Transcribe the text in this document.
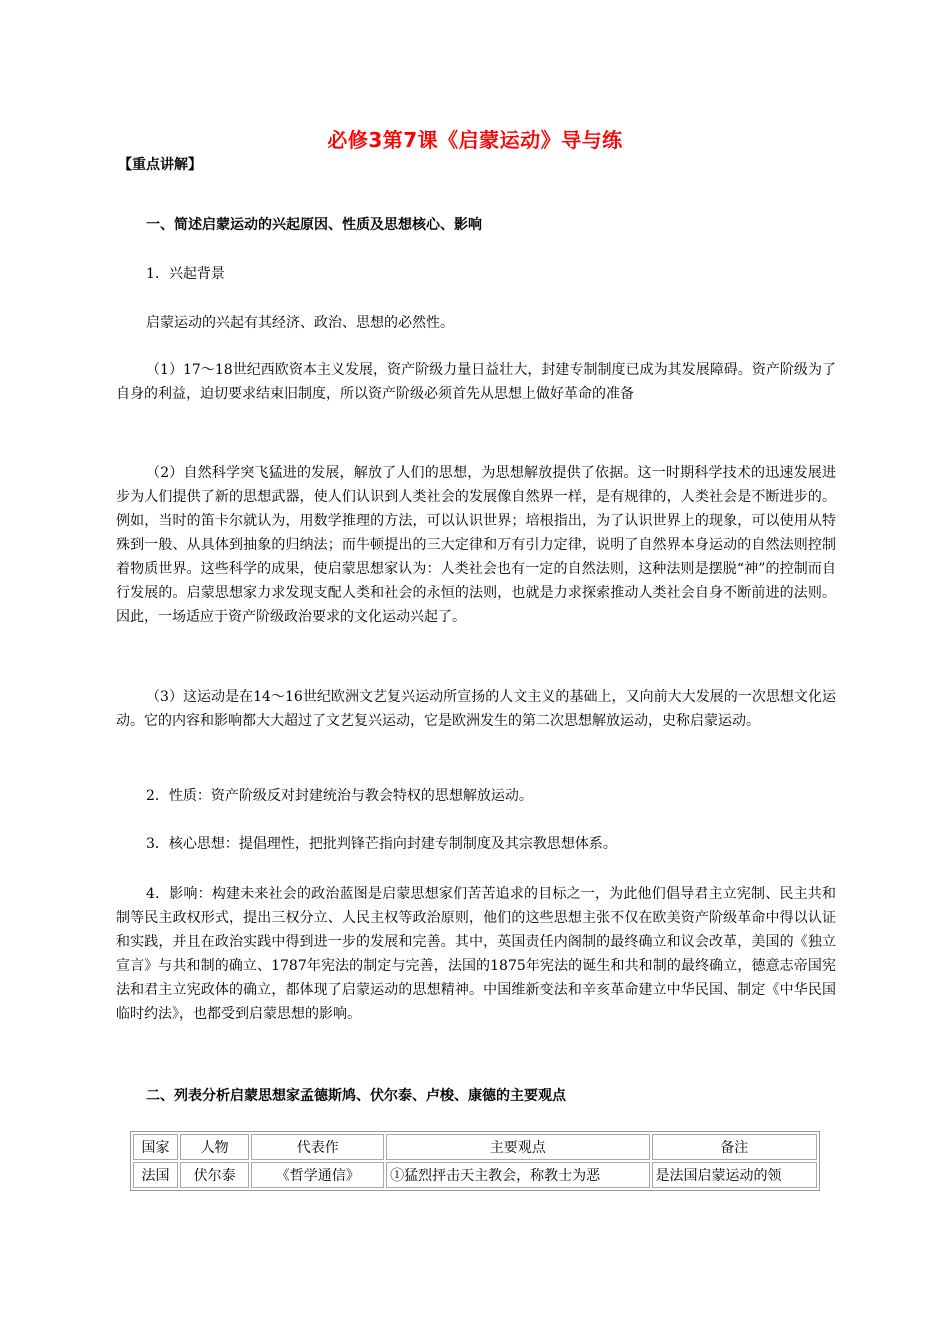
必修3第7课《启蒙运动》导与练
【重点讲解】
一、简述启蒙运动的兴起原因、性质及思想核心、影响

1．兴起背景

启蒙运动的兴起有其经济、政治、思想的必然性。

（1）17～18世纪西欧资本主义发展，资产阶级力量日益壮大，封建专制制度已成为其发展障碍。资产阶级为了自身的利益，迫切要求结束旧制度，所以资产阶级必须首先从思想上做好革命的准备

（2）自然科学突飞猛进的发展，解放了人们的思想，为思想解放提供了依据。这一时期科学技术的迅速发展进步为人们提供了新的思想武器，使人们认识到人类社会的发展像自然界一样，是有规律的，人类社会是不断进步的。例如，当时的笛卡尔就认为，用数学推理的方法，可以认识世界；培根指出，为了认识世界上的现象，可以使用从特殊到一般、从具体到抽象的归纳法；而牛顿提出的三大定律和万有引力定律，说明了自然界本身运动的自然法则控制着物质世界。这些科学的成果，使启蒙思想家认为：人类社会也有一定的自然法则，这种法则是摆脱“神”的控制而自行发展的。启蒙思想家力求发现支配人类和社会的永恒的法则，也就是力求探索推动人类社会自身不断前进的法则。因此，一场适应于资产阶级政治要求的文化运动兴起了。

（3）这运动是在14～16世纪欧洲文艺复兴运动所宣扬的人文主义的基础上，又向前大大发展的一次思想文化运动。它的内容和影响都大大超过了文艺复兴运动，它是欧洲发生的第二次思想解放运动，史称启蒙运动。

2．性质：资产阶级反对封建统治与教会特权的思想解放运动。

3．核心思想：提倡理性，把批判锋芒指向封建专制制度及其宗教思想体系。

4．影响：构建未来社会的政治蓝图是启蒙思想家们苦苦追求的目标之一，为此他们倡导君主立宪制、民主共和制等民主政权形式，提出三权分立、人民主权等政治原则，他们的这些思想主张不仅在欧美资产阶级革命中得以认证和实践，并且在政治实践中得到进一步的发展和完善。其中，英国责任内阁制的最终确立和议会改革，美国的《独立宣言》与共和制的确立、1787年宪法的制定与完善，法国的1875年宪法的诞生和共和制的最终确立，德意志帝国宪法和君主立宪政体的确立，都体现了启蒙运动的思想精神。中国维新变法和辛亥革命建立中华民国、制定《中华民国临时约法》，也都受到启蒙思想的影响。

二、列表分析启蒙思想家孟德斯鸠、伏尔泰、卢梭、康德的主要观点
国家	人物	代表作	主要观点	备注
法国	伏尔泰	《哲学通信》	①猛烈抨击天主教会，称教士为恶	是法国启蒙运动的领
